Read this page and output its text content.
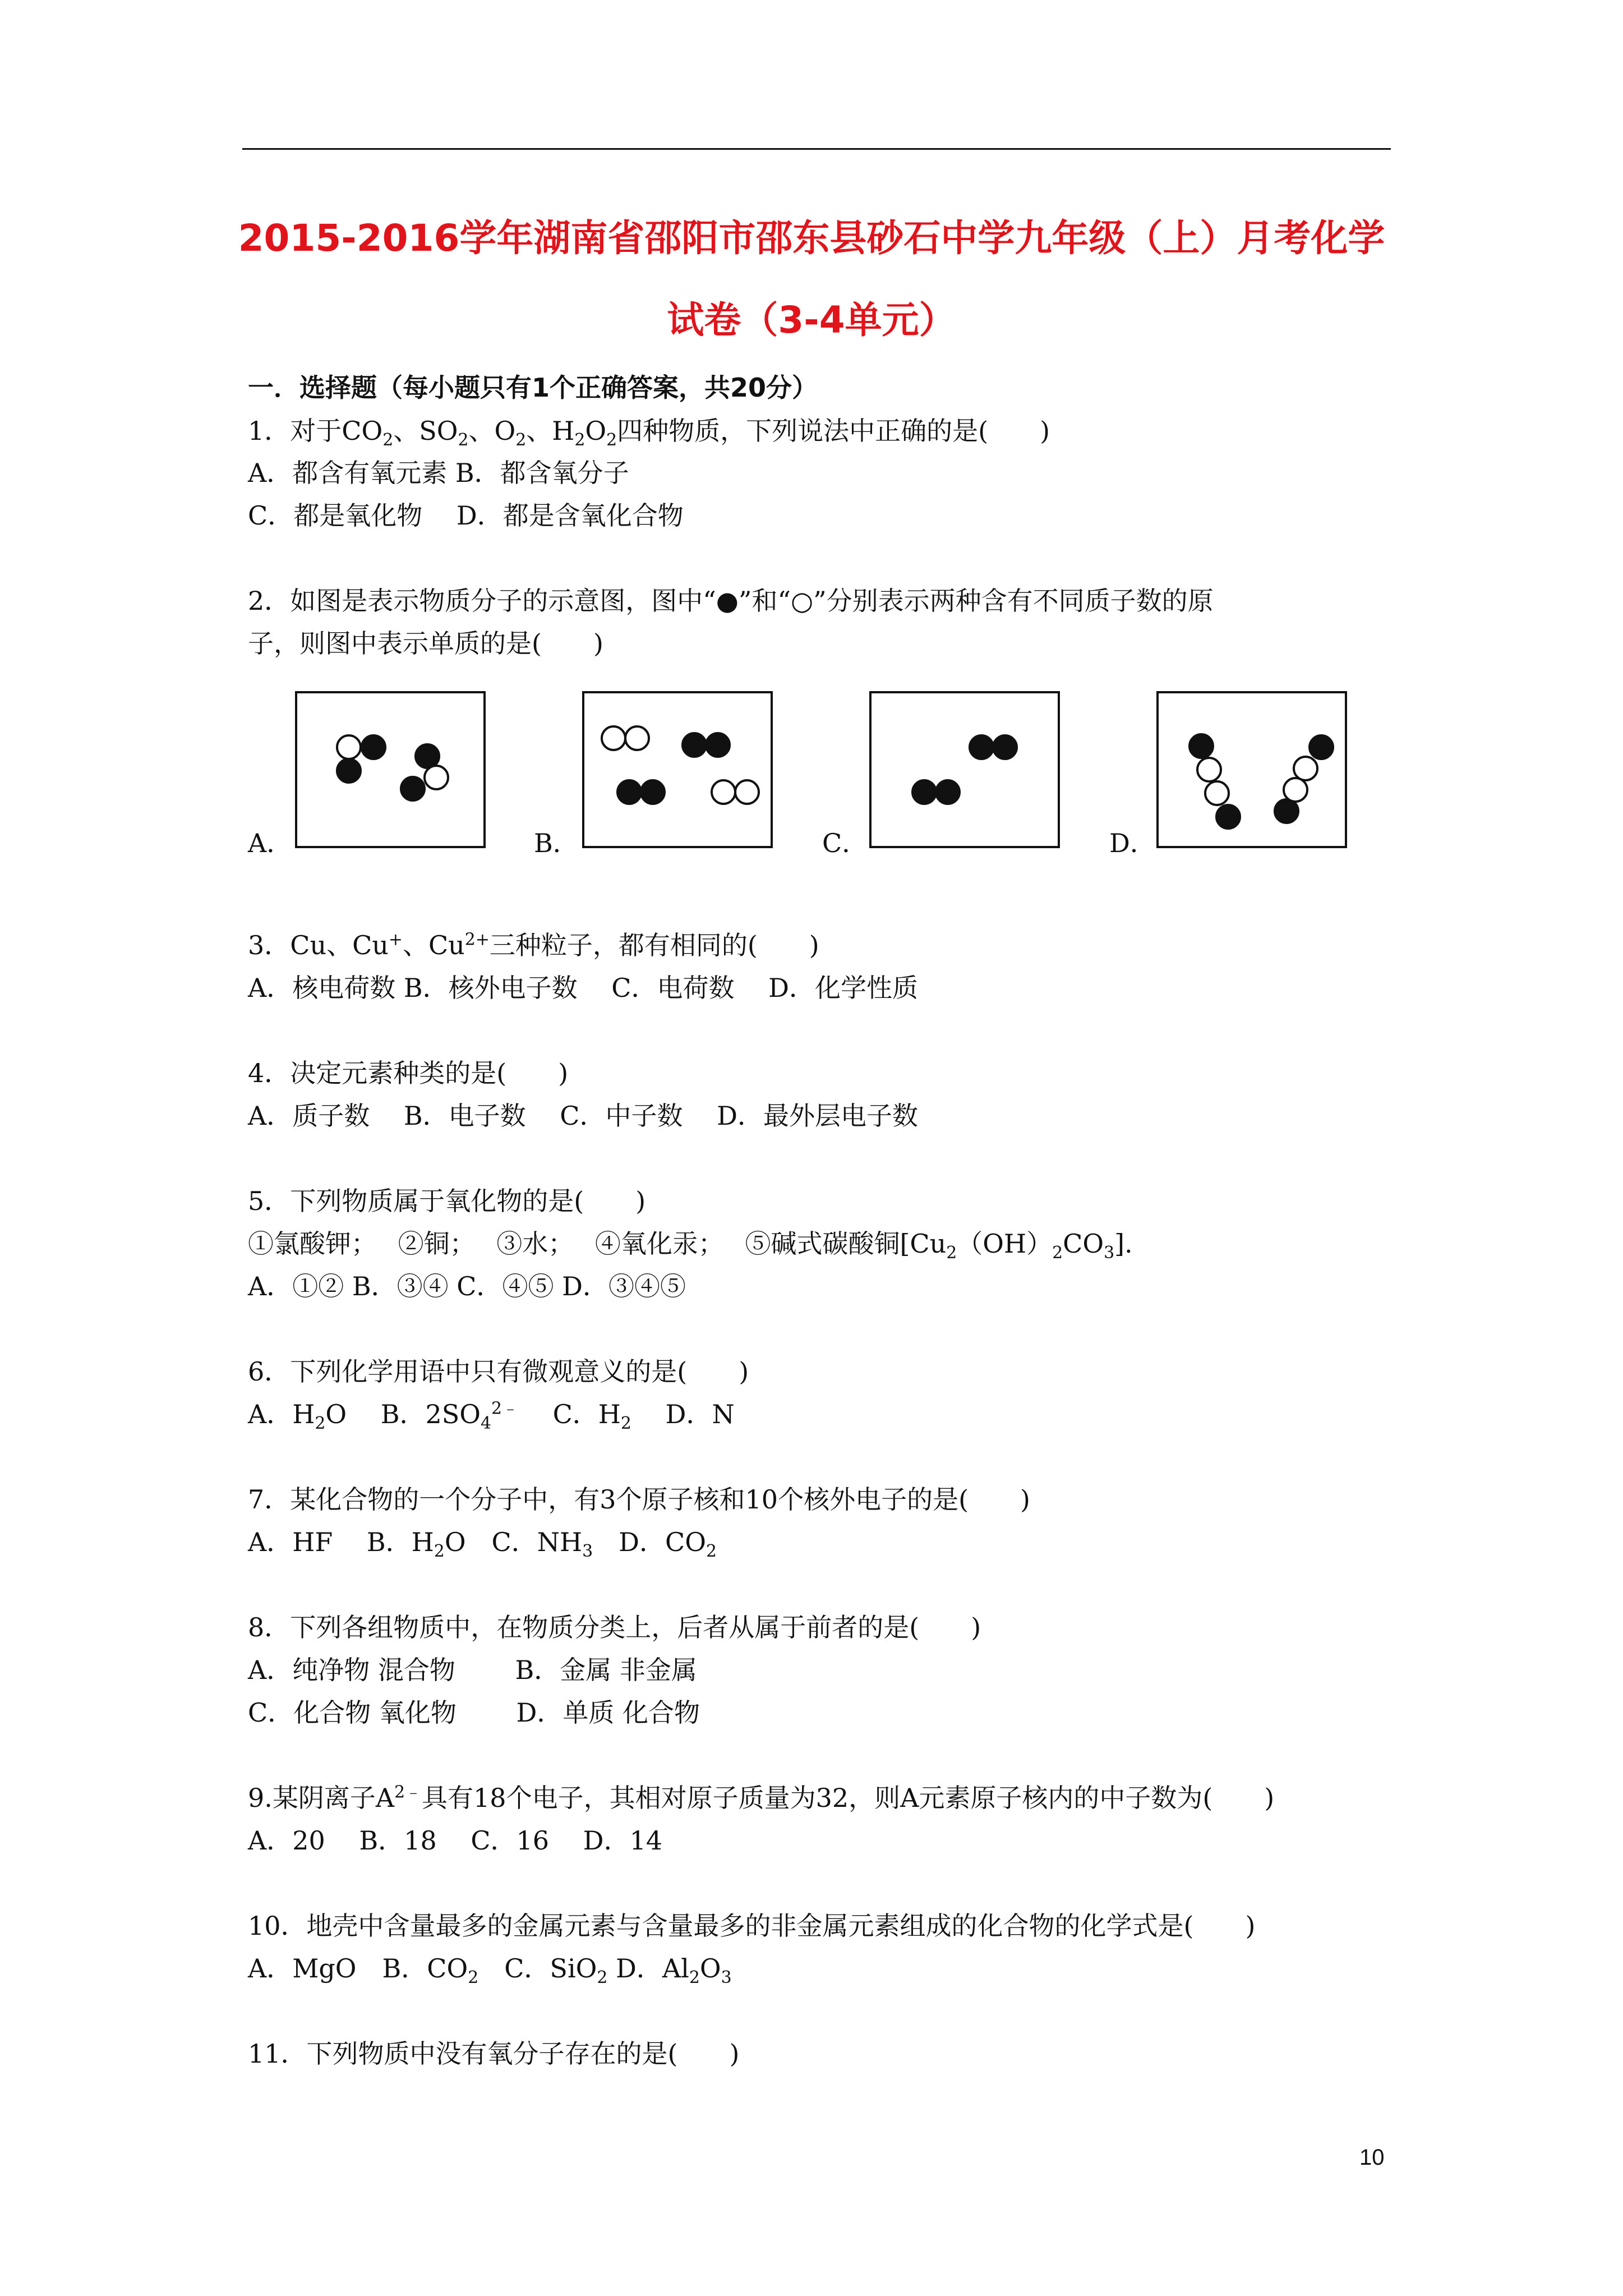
2015-2016学年湖南省邵阳市邵东县砂石中学九年级（上）月考化学
试卷（3-4单元）
一．选择题（每小题只有1个正确答案，共20分）
1．对于$CO_2$、$SO_2$、$O_2$、$H_2O_2$四种物质，下列说法中正确的是(　　)
A．都含有氧元素 B．都含氧分子
C．都是氧化物　 D．都是含氧化合物
2．如图是表示物质分子的示意图，图中“●”和“○”分别表示两种含有不同质子数的原
子，则图中表示单质的是(　　)
A．	B．	C．	D．
3．Cu、Cu+、$Cu^{2+}$三种粒子，都有相同的(　　)
A．核电荷数 B．核外电子数　 C．电荷数　 D．化学性质
4．决定元素种类的是(　　)
A．质子数　 B．电子数　 C．中子数　 D．最外层电子数
5．下列物质属于氧化物的是(　　)
①氯酸钾；　 ②铜；　 ③水；　 ④氧化汞；　 ⑤碱式碳酸铜$[Cu_2(OH)_2CO_3]$.
A．①② B．③④ C．④⑤ D．③④⑤
6．下列化学用语中只有微观意义的是(　　)
A．$H_2O$　 B．$2SO_4^{2﹣}$　 C．$H_2$　 D．N
7．某化合物的一个分子中，有3个原子核和10个核外电子的是(　　)
A．HF　 B．$H_2O$　C．$NH_3$　D．$CO_2$
8．下列各组物质中，在物质分类上，后者从属于前者的是(　　)
A．纯净物 混合物　　 B．金属 非金属
C．化合物 氧化物　　 D．单质 化合物
9.某阴离子$A^{2﹣}$具有18个电子，其相对原子质量为32，则A元素原子核内的中子数为(　　)
A．20　 B．18　 C．16　 D．14
10．地壳中含量最多的金属元素与含量最多的非金属元素组成的化合物的化学式是(　　)
A．MgO　B．$CO_2$　C．SiO$_2$ D．$Al_2O_3$
11．下列物质中没有氧分子存在的是(　　)
10
